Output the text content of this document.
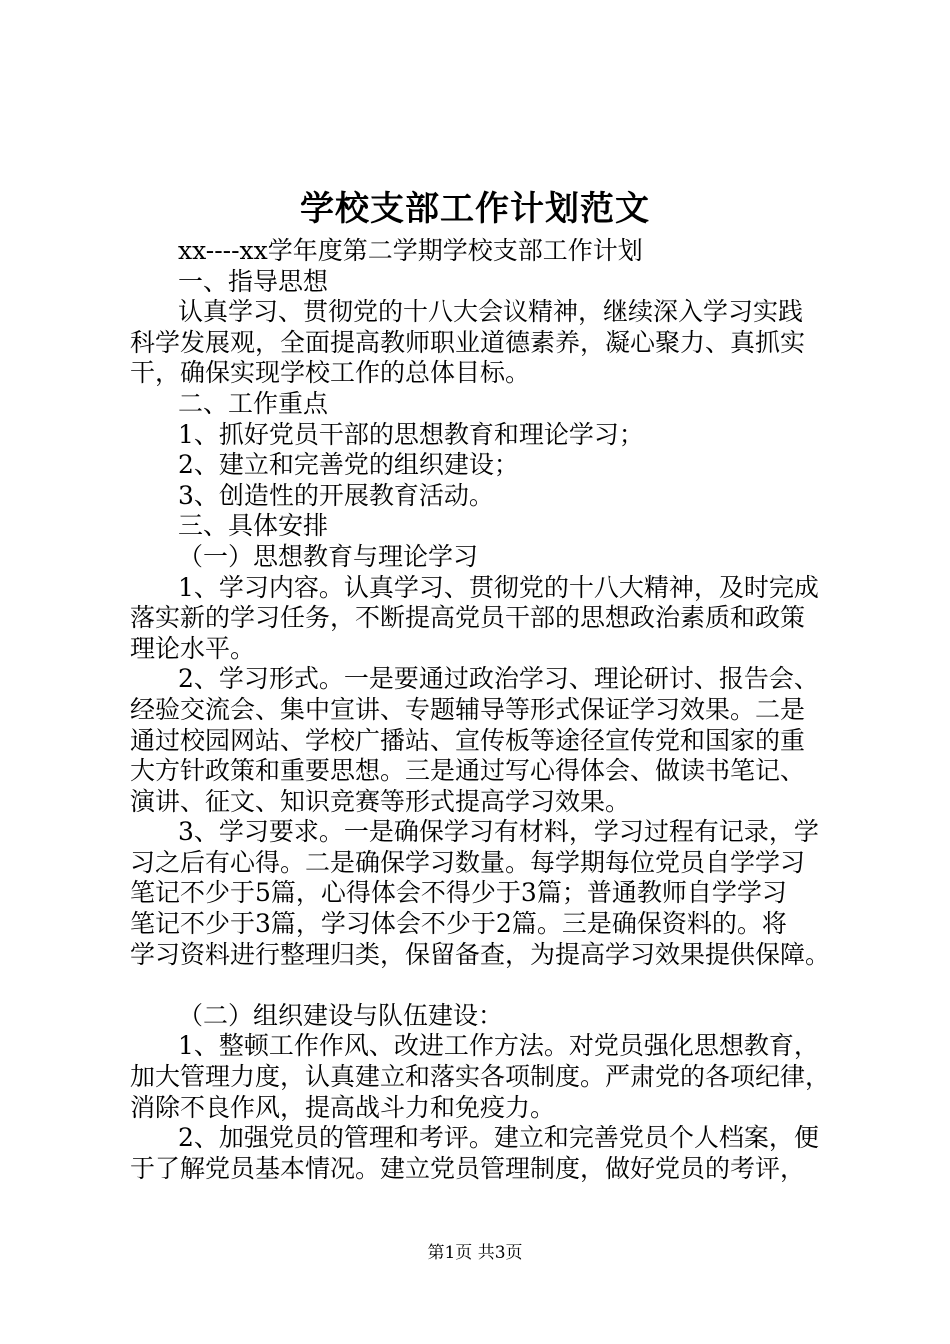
学校支部工作计划范文

xx----xx学年度第二学期学校支部工作计划

一、指导思想

认真学习、贯彻党的十八大会议精神，继续深入学习实践

科学发展观，全面提高教师职业道德素养，凝心聚力、真抓实

干，确保实现学校工作的总体目标。

二、工作重点

1、抓好党员干部的思想教育和理论学习；

2、建立和完善党的组织建设；

3、创造性的开展教育活动。

三、具体安排

（一）思想教育与理论学习

1、学习内容。认真学习、贯彻党的十八大精神，及时完成

落实新的学习任务，不断提高党员干部的思想政治素质和政策

理论水平。

2、学习形式。一是要通过政治学习、理论研讨、报告会、

经验交流会、集中宣讲、专题辅导等形式保证学习效果。二是

通过校园网站、学校广播站、宣传板等途径宣传党和国家的重

大方针政策和重要思想。三是通过写心得体会、做读书笔记、

演讲、征文、知识竞赛等形式提高学习效果。

3、学习要求。一是确保学习有材料，学习过程有记录，学

习之后有心得。二是确保学习数量。每学期每位党员自学学习

笔记不少于5篇，心得体会不得少于3篇；普通教师自学学习

笔记不少于3篇，学习体会不少于2篇。三是确保资料的。将

学习资料进行整理归类，保留备查，为提高学习效果提供保障。

（二）组织建设与队伍建设：

1、整顿工作作风、改进工作方法。对党员强化思想教育，

加大管理力度，认真建立和落实各项制度。严肃党的各项纪律，

消除不良作风，提高战斗力和免疫力。

2、加强党员的管理和考评。建立和完善党员个人档案，便

于了解党员基本情况。建立党员管理制度，做好党员的考评，

第1页 共3页
